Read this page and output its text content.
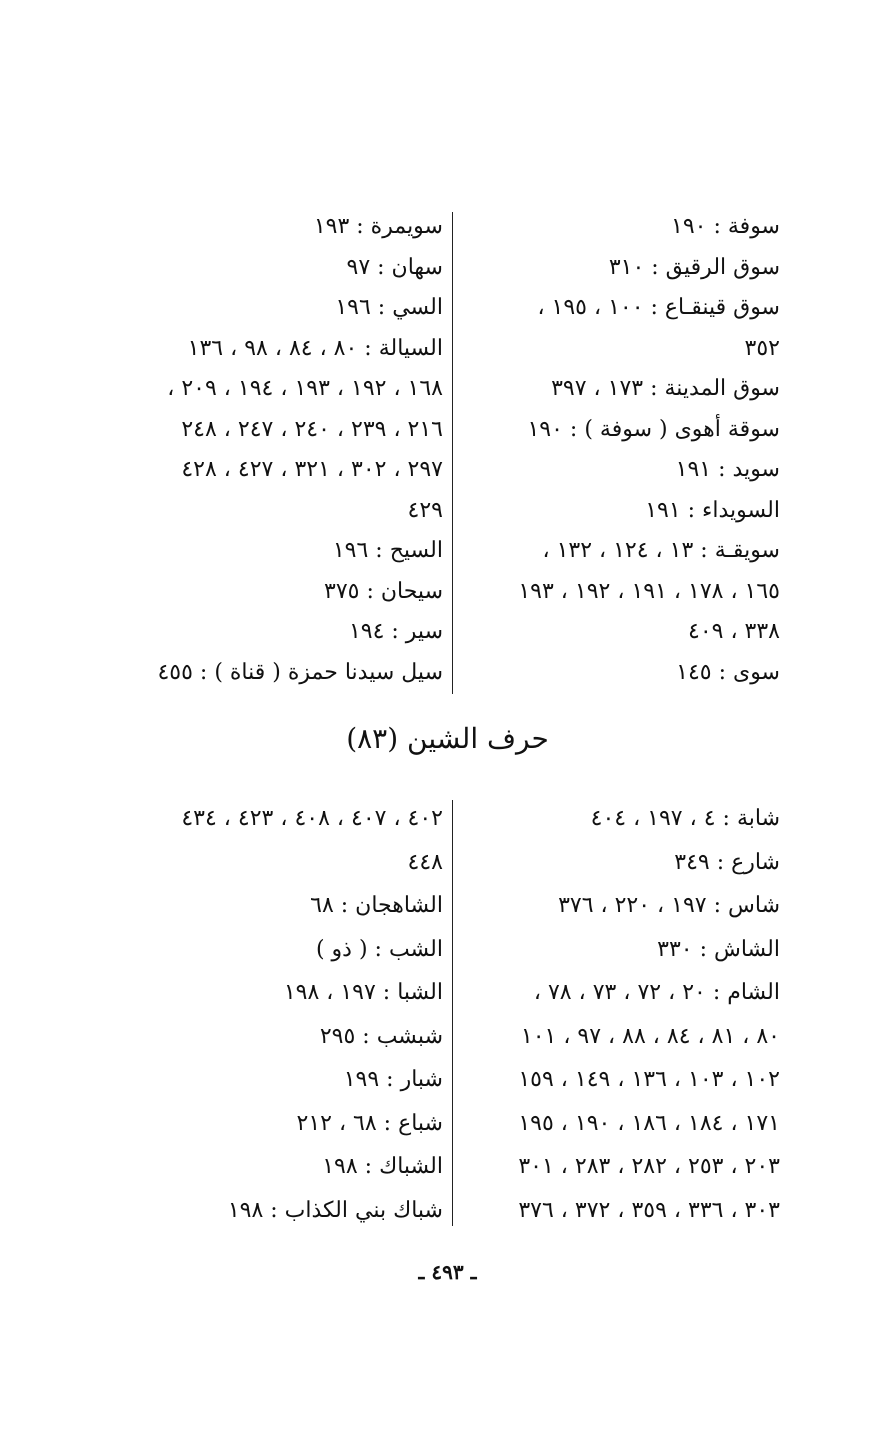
سوفة : ١٩٠
سوق الرقيق : ٣١٠
سوق قينقـاع : ١٠٠ ، ١٩٥ ،
٣٥٢
سوق المدينة : ١٧٣ ، ٣٩٧
سوقة أهوى ( سوفة ) : ١٩٠
سويد : ١٩١
السويداء : ١٩١
سويقـة : ١٣ ، ١٢٤ ، ١٣٢ ،
١٦٥ ، ١٧٨ ، ١٩١ ، ١٩٢ ، ١٩٣
٣٣٨ ، ٤٠٩
سوى : ١٤٥
سويمرة : ١٩٣
سهان : ٩٧
السي : ١٩٦
السيالة : ٨٠ ، ٨٤ ، ٩٨ ، ١٣٦
١٦٨ ، ١٩٢ ، ١٩٣ ، ١٩٤ ، ٢٠٩ ،
٢١٦ ، ٢٣٩ ، ٢٤٠ ، ٢٤٧ ، ٢٤٨
٢٩٧ ، ٣٠٢ ، ٣٢١ ، ٤٢٧ ، ٤٢٨
٤٢٩
السيح : ١٩٦
سيحان : ٣٧٥
سير : ١٩٤
سيل سيدنا حمزة ( قناة ) : ٤٥٥
حرف الشين (٨٣)
شابة : ٤ ، ١٩٧ ، ٤٠٤
شارع : ٣٤٩
شاس : ١٩٧ ، ٢٢٠ ، ٣٧٦
الشاش : ٣٣٠
الشام : ٢٠ ، ٧٢ ، ٧٣ ، ٧٨ ،
٨٠ ، ٨١ ، ٨٤ ، ٨٨ ، ٩٧ ، ١٠١
١٠٢ ، ١٠٣ ، ١٣٦ ، ١٤٩ ، ١٥٩
١٧١ ، ١٨٤ ، ١٨٦ ، ١٩٠ ، ١٩٥
٢٠٣ ، ٢٥٣ ، ٢٨٢ ، ٢٨٣ ، ٣٠١
٣٠٣ ، ٣٣٦ ، ٣٥٩ ، ٣٧٢ ، ٣٧٦
٤٠٢ ، ٤٠٧ ، ٤٠٨ ، ٤٢٣ ، ٤٣٤
٤٤٨
الشاهجان : ٦٨
الشب : ( ذو )
الشبا : ١٩٧ ، ١٩٨
شبشب : ٢٩٥
شبار : ١٩٩
شباع : ٦٨ ، ٢١٢
الشباك : ١٩٨
شباك بني الكذاب : ١٩٨
ـ ٤٩٣ ـ
